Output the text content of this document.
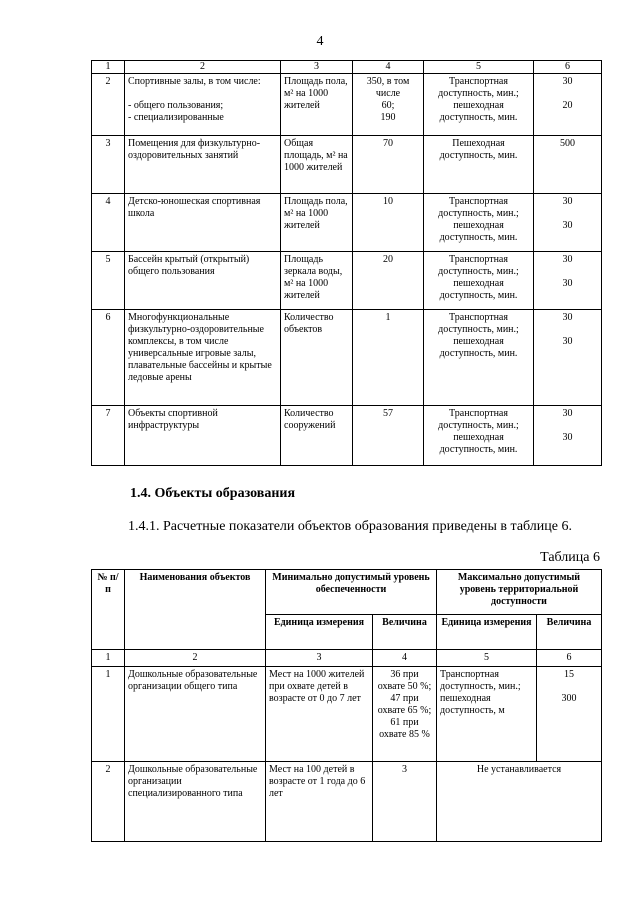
4
1	2	3	4	5	6
2	Спортивные залы, в том числе:

- общего пользования;
- специализированные	Площадь пола, м² на 1000 жителей	350, в том числе
60;
190	Транспортная доступность, мин.;
пешеходная доступность, мин.	30

20
3	Помещения для физкультурно-оздоровительных занятий	Общая площадь, м² на 1000 жителей	70	Пешеходная доступность, мин.	500
4	Детско-юношеская спортивная школа	Площадь пола, м² на 1000 жителей	10	Транспортная доступность, мин.;
пешеходная доступность, мин.	30

30
5	Бассейн крытый (открытый) общего пользования	Площадь зеркала воды, м² на 1000 жителей	20	Транспортная доступность, мин.;
пешеходная доступность, мин.	30

30
6	Многофункциональные физкультурно-оздоровительные комплексы, в том числе универсальные игровые залы, плавательные бассейны и крытые ледовые арены	Количество объектов	1	Транспортная доступность, мин.;
пешеходная доступность, мин.	30

30
7	Объекты спортивной инфраструктуры	Количество сооружений	57	Транспортная доступность, мин.;
пешеходная доступность, мин.	30

30
1.4. Объекты образования
1.4.1. Расчетные показатели объектов образования приведены в таблице 6.
Таблица 6
№ п/п	Наименования объектов	Минимально допустимый уровень обеспеченности		Максимально допустимый уровень территориальной доступности	
		Единица измерения	Величина	Единица измерения	Величина
1	2	3	4	5	6
1	Дошкольные образовательные организации общего типа	Мест на 1000 жителей при охвате детей в возрасте от 0 до 7 лет	36 при охвате 50 %;
47 при охвате 65 %;
61 при охвате 85 %	Транспортная доступность, мин.;
пешеходная доступность, м	15

300
2	Дошкольные образовательные организации специализированного типа	Мест на 100 детей в возрасте от 1 года до 6 лет	3	Не устанавливается	
